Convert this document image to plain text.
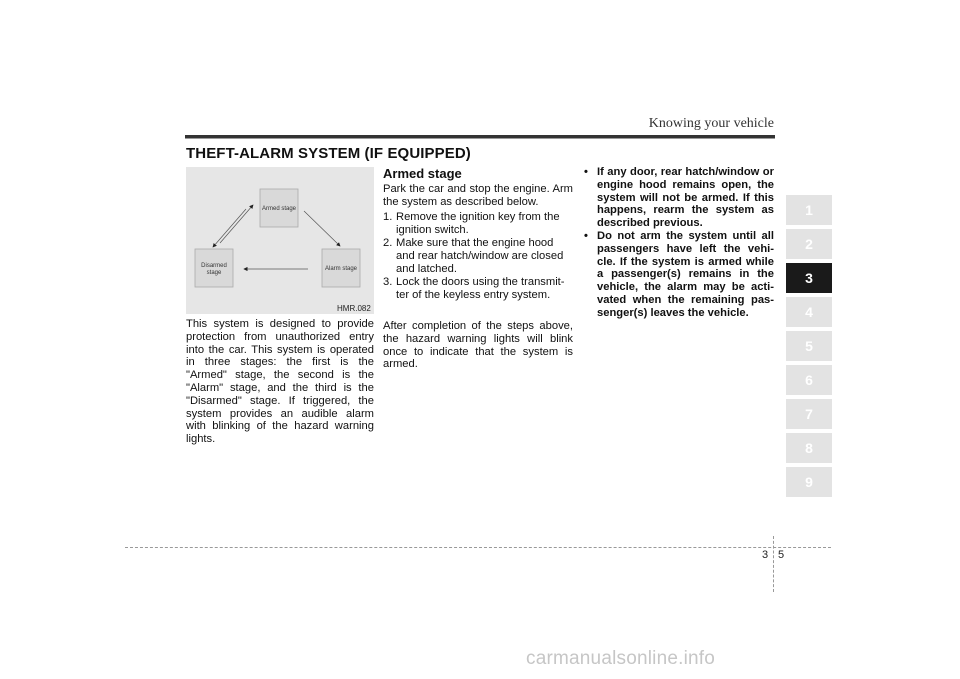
Knowing your vehicle
THEFT-ALARM SYSTEM (IF EQUIPPED)
Armed stage
Alarm stage
Disarmed
stage
HMR.082
This system is designed to provide protection from unauthorized entry into the car. This system is operated in three stages: the first is the "Armed" stage, the second is the "Alarm" stage, and the third is the "Disarmed" stage. If triggered, the system provides an audible alarm with blinking of the hazard warning lights.
Armed stage
Park the car and stop the engine. Arm the system as described below.
1. Remove the ignition key from the ignition switch.
2. Make sure that the engine hood and rear hatch/window are closed and latched.
3. Lock the doors using the transmit-ter of the keyless entry system.
After completion of the steps above, the hazard warning lights will blink once to indicate that the system is armed.
• If any door, rear hatch/window or engine hood remains open, the system will not be armed. If this happens, rearm the system as described previous.
• Do not arm the system until all passengers have left the vehi-cle. If the system is armed while a passenger(s) remains in the vehicle, the alarm may be acti-vated when the remaining pas-senger(s) leaves the vehicle.
1
2
3
4
5
6
7
8
9
3 5
carmanualsonline.info
